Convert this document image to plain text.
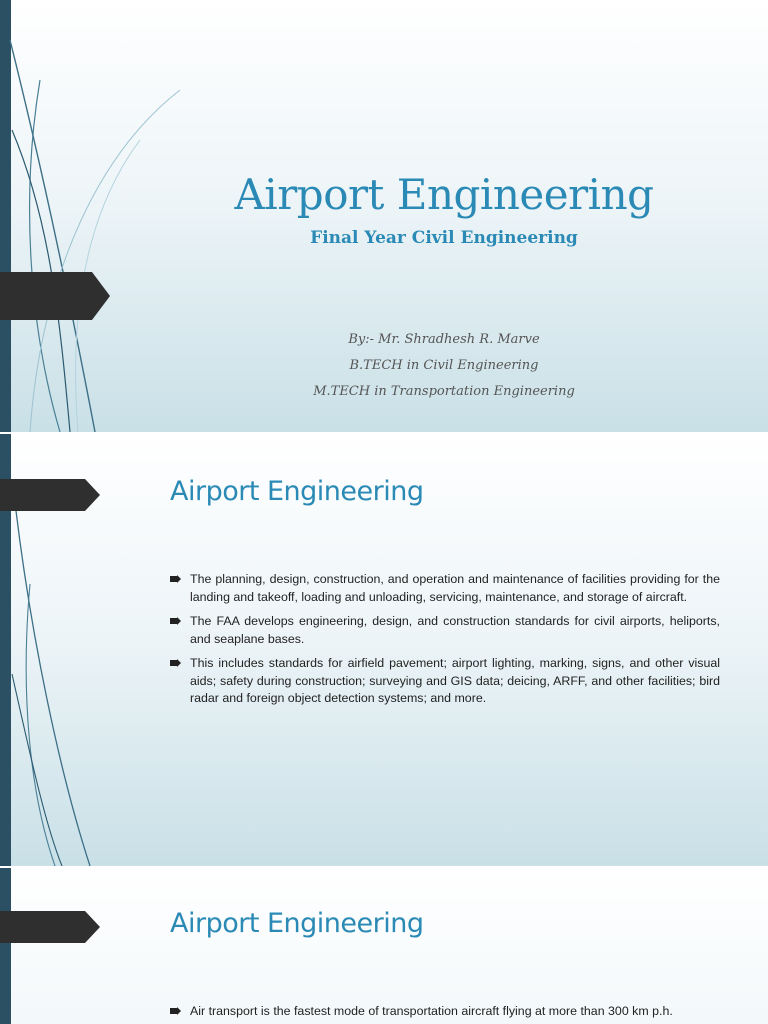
Airport Engineering
Final Year Civil Engineering
By:- Mr. Shradhesh R. Marve
B.TECH in Civil Engineering
M.TECH in Transportation Engineering
Airport Engineering
The planning, design, construction, and operation and maintenance of facilities providing for the landing and takeoff, loading and unloading, servicing, maintenance, and storage of aircraft.
The FAA develops engineering, design, and construction standards for civil airports, heliports, and seaplane bases.
This includes standards for airfield pavement; airport lighting, marking, signs, and other visual aids; safety during construction; surveying and GIS data; deicing, ARFF, and other facilities; bird radar and foreign object detection systems; and more.
Airport Engineering
Air transport is the fastest mode of transportation aircraft flying at more than 300 km p.h.
